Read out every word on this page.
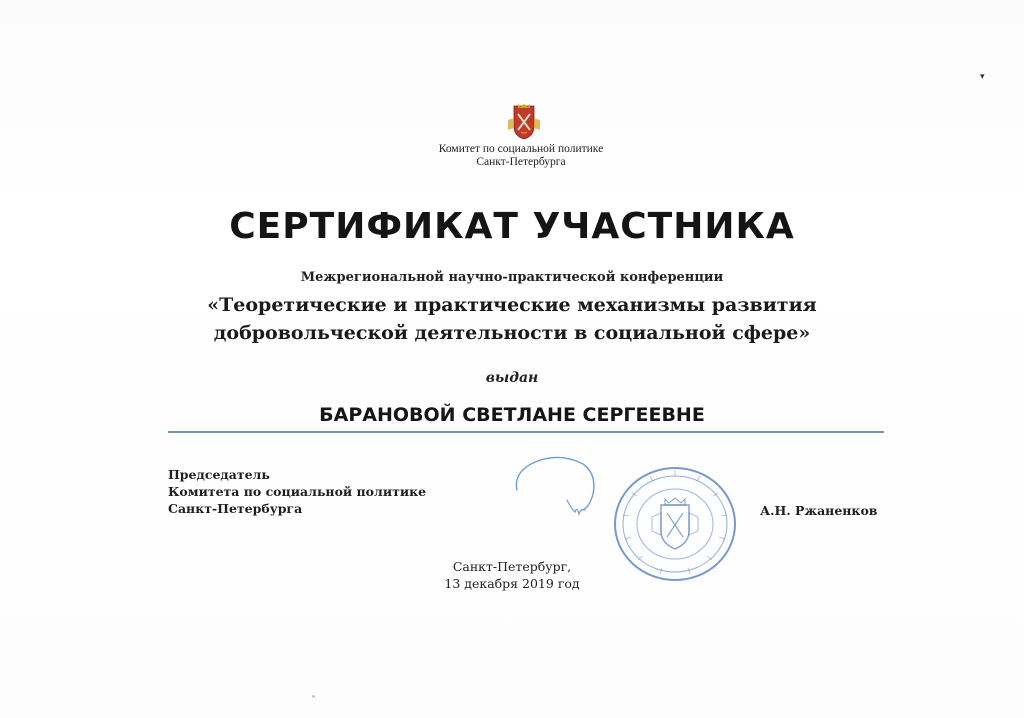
Комитет по социальной политике
Санкт-Петербурга
СЕРТИФИКАТ УЧАСТНИКА
Межрегиональной научно-практической конференции
«Теоретические и практические механизмы развития
добровольческой деятельности в социальной сфере»
выдан
БАРАНОВОЙ СВЕТЛАНЕ СЕРГЕЕВНЕ
Председатель
Комитета по социальной политике
Санкт-Петербурга	А.Н. Ржаненков
Санкт-Петербург,
13 декабря 2019 год
▾
